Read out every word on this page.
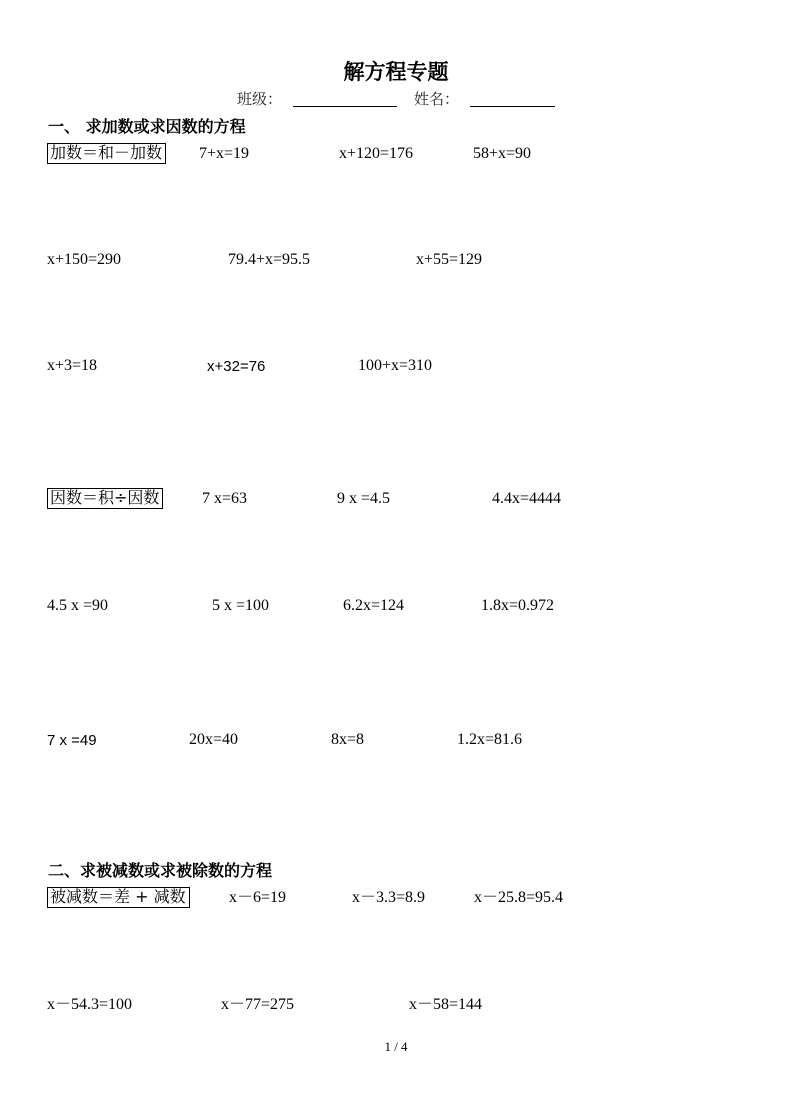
解方程专题
班级：	姓名：
一、 求加数或求因数的方程
加数＝和－加数 7+x=19	x+120=176	58+x=90
x+150=290	79.4+x=95.5	x+55=129
x+3=18	x+32=76	100+x=310
因数＝积÷因数	7 x=63	9 x =4.5	4.4x=4444
4.5 x =90	5 x =100	6.2x=124	1.8x=0.972
7 x =49	20x=40	8x=8	1.2x=81.6
二、求被减数或求被除数的方程
被减数＝差 + 减数	x－6=19	x－3.3=8.9	x－25.8=95.4
x－54.3=100	x－77=275	x－58=144
1 / 4
